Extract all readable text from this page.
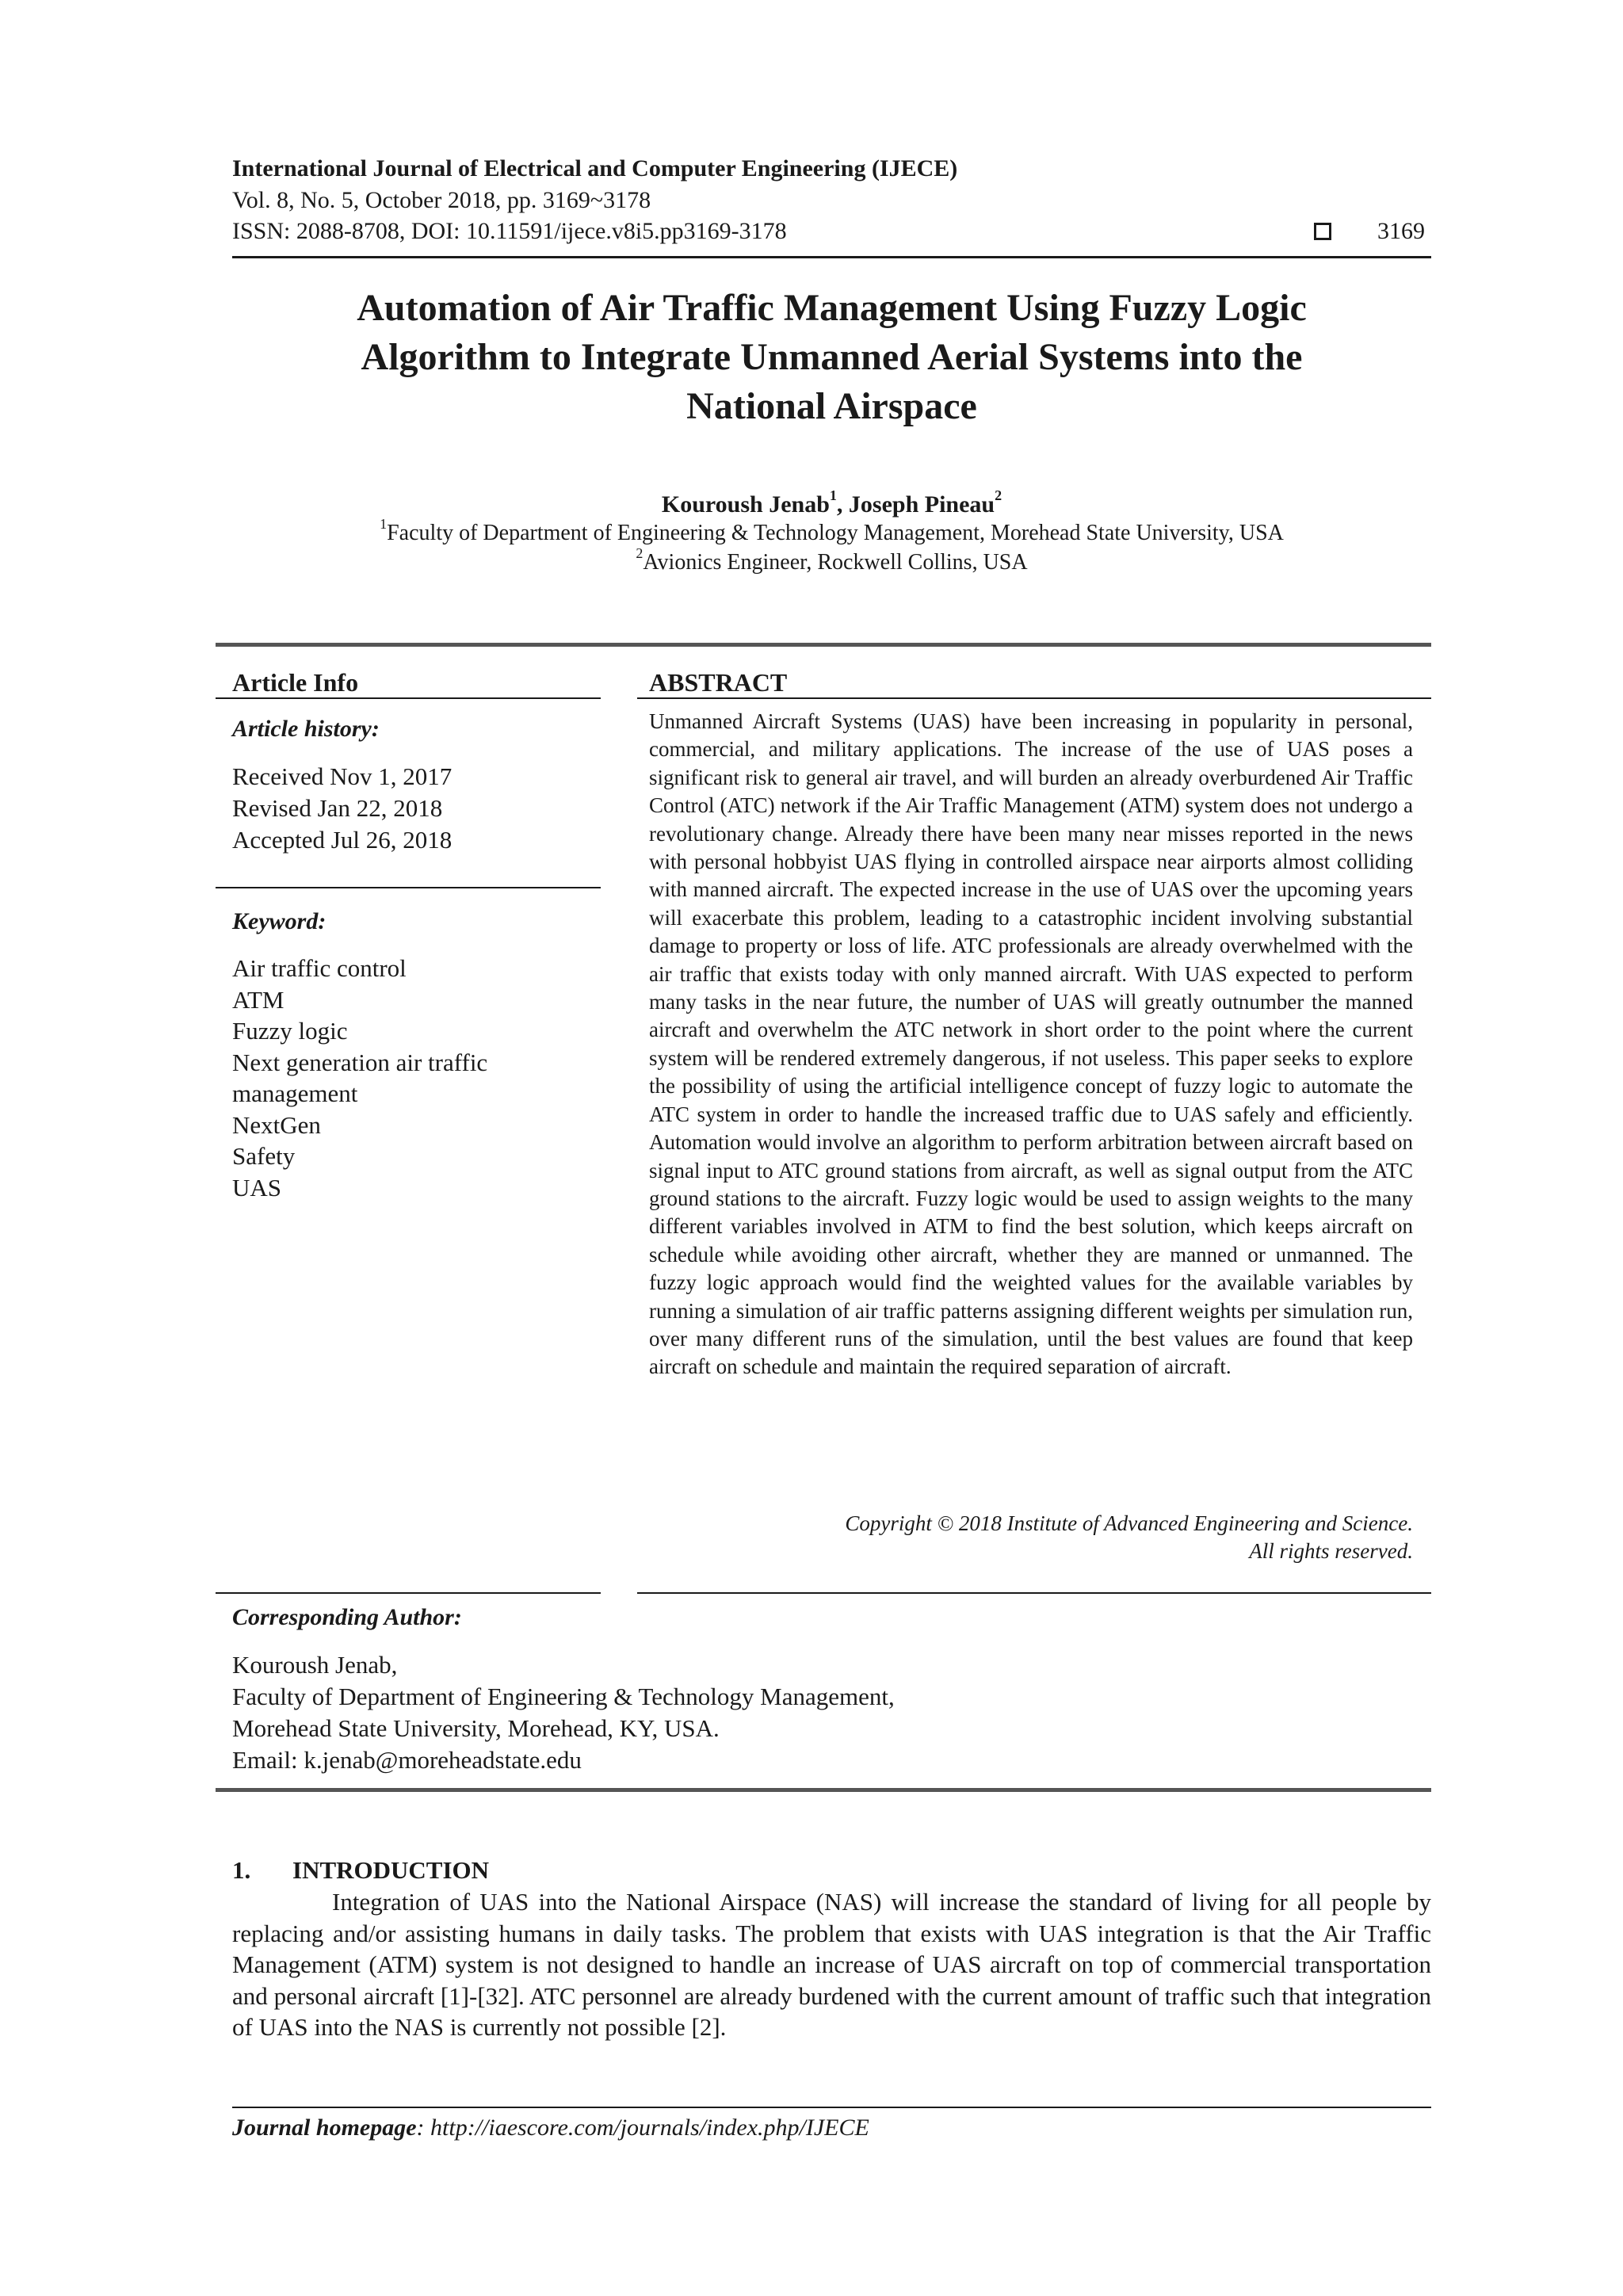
International Journal of Electrical and Computer Engineering (IJECE)
Vol. 8, No. 5, October 2018, pp. 3169~3178
ISSN: 2088-8708, DOI: 10.11591/ijece.v8i5.pp3169-3178	3169
Automation of Air Traffic Management Using Fuzzy Logic
Algorithm to Integrate Unmanned Aerial Systems into the
National Airspace
Kouroush Jenab$^1$, Joseph Pineau$^2$
$^1$Faculty of Department of Engineering & Technology Management, Morehead State University, USA
$^2$Avionics Engineer, Rockwell Collins, USA
Article Info
Article history:
Received Nov 1, 2017
Revised Jan 22, 2018
Accepted Jul 26, 2018
Keyword:
Air traffic control
ATM
Fuzzy logic
Next generation air traffic
management
NextGen
Safety
UAS
ABSTRACT

Unmanned Aircraft Systems (UAS) have been increasing in popularity in personal, commercial, and military applications. The increase of the use of UAS poses a significant risk to general air travel, and will burden an already overburdened Air Traffic Control (ATC) network if the Air Traffic Management (ATM) system does not undergo a revolutionary change. Already there have been many near misses reported in the news with personal hobbyist UAS flying in controlled airspace near airports almost colliding with manned aircraft. The expected increase in the use of UAS over the upcoming years will exacerbate this problem, leading to a catastrophic incident involving substantial damage to property or loss of life. ATC professionals are already overwhelmed with the air traffic that exists today with only manned aircraft. With UAS expected to perform many tasks in the near future, the number of UAS will greatly outnumber the manned aircraft and overwhelm the ATC network in short order to the point where the current system will be rendered extremely dangerous, if not useless. This paper seeks to explore the possibility of using the artificial intelligence concept of fuzzy logic to automate the ATC system in order to handle the increased traffic due to UAS safely and efficiently. Automation would involve an algorithm to perform arbitration between aircraft based on signal input to ATC ground stations from aircraft, as well as signal output from the ATC ground stations to the aircraft. Fuzzy logic would be used to assign weights to the many different variables involved in ATM to find the best solution, which keeps aircraft on schedule while avoiding other aircraft, whether they are manned or unmanned. The fuzzy logic approach would find the weighted values for the available variables by running a simulation of air traffic patterns assigning different weights per simulation run, over many different runs of the simulation, until the best values are found that keep aircraft on schedule and maintain the required separation of aircraft.

Copyright © 2018 Institute of Advanced Engineering and Science.
All rights reserved.
Corresponding Author:
Kouroush Jenab,
Faculty of Department of Engineering & Technology Management,
Morehead State University, Morehead, KY, USA.
Email: k.jenab@moreheadstate.edu
1. INTRODUCTION

Integration of UAS into the National Airspace (NAS) will increase the standard of living for all people by replacing and/or assisting humans in daily tasks. The problem that exists with UAS integration is that the Air Traffic Management (ATM) system is not designed to handle an increase of UAS aircraft on top of commercial transportation and personal aircraft [1]-[32]. ATC personnel are already burdened with the current amount of traffic such that integration of UAS into the NAS is currently not possible [2].

Journal homepage: http://iaescore.com/journals/index.php/IJECE
